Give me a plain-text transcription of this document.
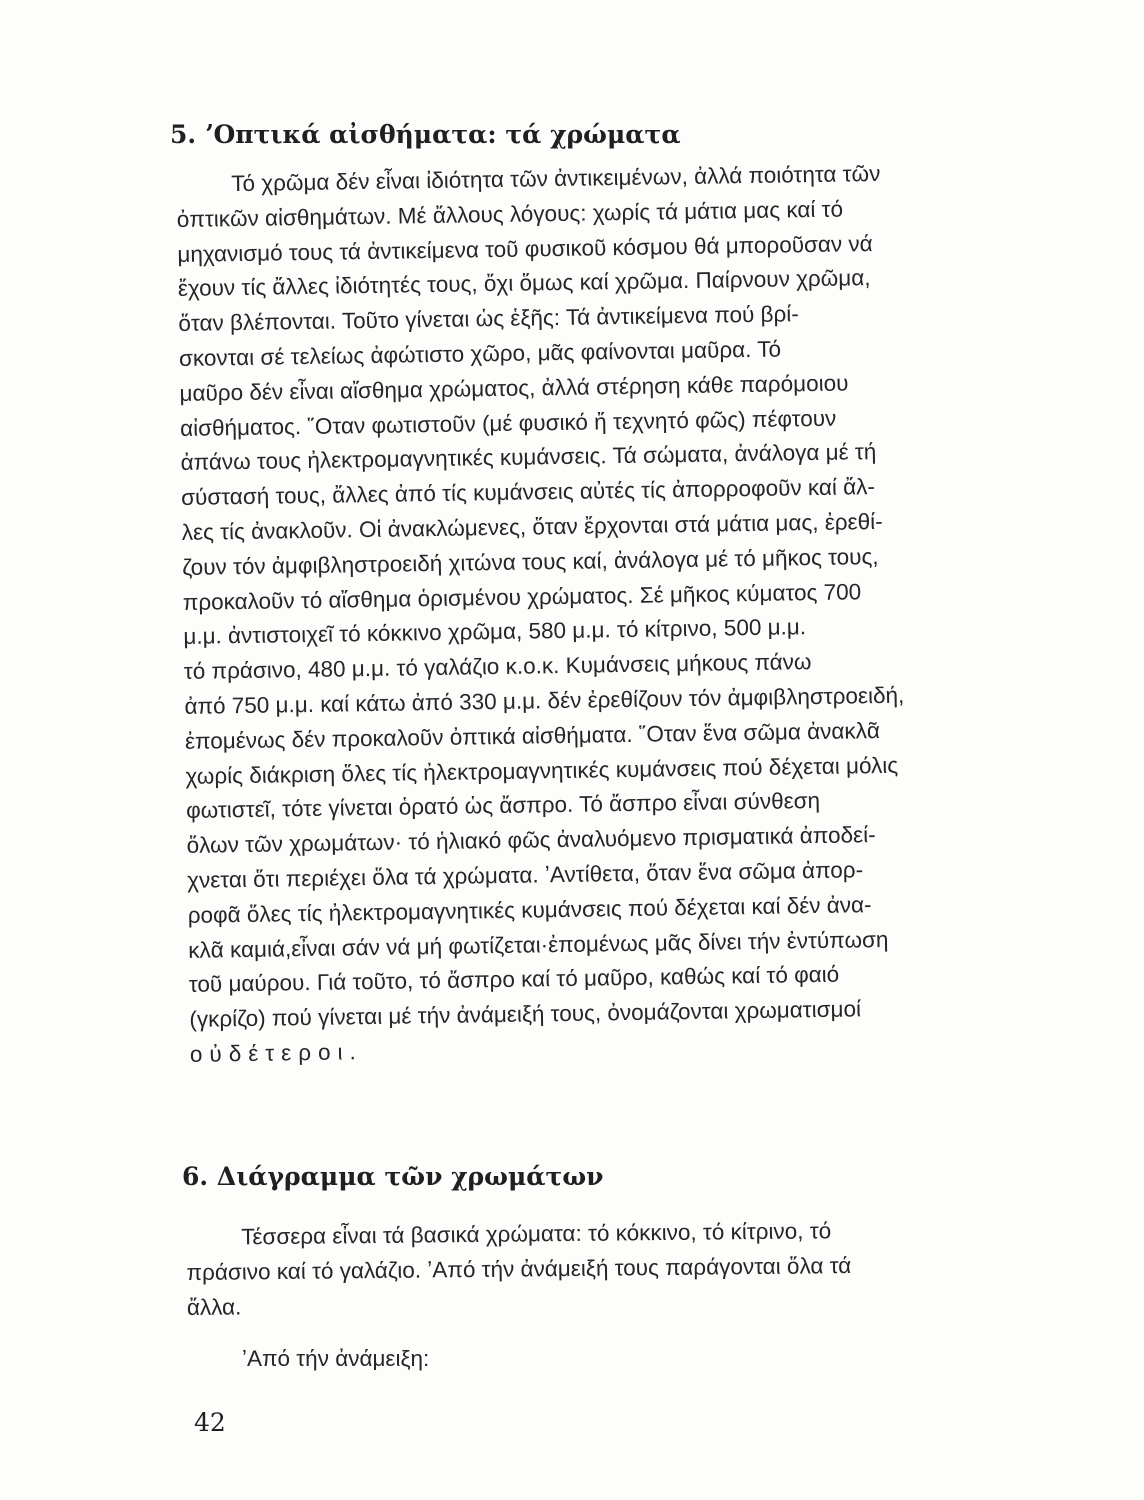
5. ʼΟπτικά αἰσθήματα: τά χρώματα

Τό χρῶμα δέν εἶναι ἰδιότητα τῶν ἀντικειμένων, ἀλλά ποιότητα τῶν
ὀπτικῶν αἰσθημάτων. Μέ ἄλλους λόγους: χωρίς τά μάτια μας καί τό
μηχανισμό τους τά ἀντικείμενα τοῦ φυσικοῦ κόσμου θά μποροῦσαν νά
ἔχουν τίς ἄλλες ἰδιότητές τους, ὄχι ὅμως καί χρῶμα. Παίρνουν χρῶμα,
ὅταν βλέπονται. Τοῦτο γίνεται ὡς ἑξῆς: Τά ἀντικείμενα πού βρί-
σκονται σέ τελείως ἀφώτιστο χῶρο, μᾶς φαίνονται μαῦρα. Τό
μαῦρο δέν εἶναι αἴσθημα χρώματος, ἀλλά στέρηση κάθε παρόμοιου
αἰσθήματος. ῞Οταν φωτιστοῦν (μέ φυσικό ἤ τεχνητό φῶς) πέφτουν
ἀπάνω τους ἠλεκτρομαγνητικές κυμάνσεις. Τά σώματα, ἀνάλογα μέ τή
σύστασή τους, ἄλλες ἀπό τίς κυμάνσεις αὐτές τίς ἀπορροφοῦν καί ἄλ-
λες τίς ἀνακλοῦν. Οἱ ἀνακλώμενες, ὅταν ἔρχονται στά μάτια μας, ἐρεθί-
ζουν τόν ἀμφιβληστροειδή χιτώνα τους καί, ἀνάλογα μέ τό μῆκος τους,
προκαλοῦν τό αἴσθημα ὁρισμένου χρώματος. Σέ μῆκος κύματος 700
μ.μ. ἀντιστοιχεῖ τό κόκκινο χρῶμα, 580 μ.μ. τό κίτρινο, 500 μ.μ.
τό πράσινο, 480 μ.μ. τό γαλάζιο κ.ο.κ. Κυμάνσεις μήκους πάνω
ἀπό 750 μ.μ. καί κάτω ἀπό 330 μ.μ. δέν ἐρεθίζουν τόν ἀμφιβληστροειδή,
ἐπομένως δέν προκαλοῦν ὀπτικά αἰσθήματα. ῞Οταν ἕνα σῶμα ἀνακλᾶ
χωρίς διάκριση ὅλες τίς ἠλεκτρομαγνητικές κυμάνσεις πού δέχεται μόλις
φωτιστεῖ, τότε γίνεται ὁρατό ὡς ἄσπρο. Τό ἄσπρο εἶναι σύνθεση
ὅλων τῶν χρωμάτων· τό ἡλιακό φῶς ἀναλυόμενο πρισματικά ἀποδεί-
χνεται ὅτι περιέχει ὅλα τά χρώματα. ʼΑντίθετα, ὅταν ἕνα σῶμα ἀπορ-
ροφᾶ ὅλες τίς ἠλεκτρομαγνητικές κυμάνσεις πού δέχεται καί δέν ἀνα-
κλᾶ καμιά,εἶναι σάν νά μή φωτίζεται·ἐπομένως μᾶς δίνει τήν ἐντύπωση
τοῦ μαύρου. Γιά τοῦτο, τό ἄσπρο καί τό μαῦρο, καθώς καί τό φαιό
(γκρίζο) πού γίνεται μέ τήν ἀνάμειξή τους, ὀνομάζονται χρωματισμοί
οὐδέτεροι.

6. Διάγραμμα τῶν χρωμάτων

Τέσσερα εἶναι τά βασικά χρώματα: τό κόκκινο, τό κίτρινο, τό
πράσινο καί τό γαλάζιο. ʼΑπό τήν ἀνάμειξή τους παράγονται ὅλα τά
ἄλλα.

ʼΑπό τήν ἀνάμειξη:

42
